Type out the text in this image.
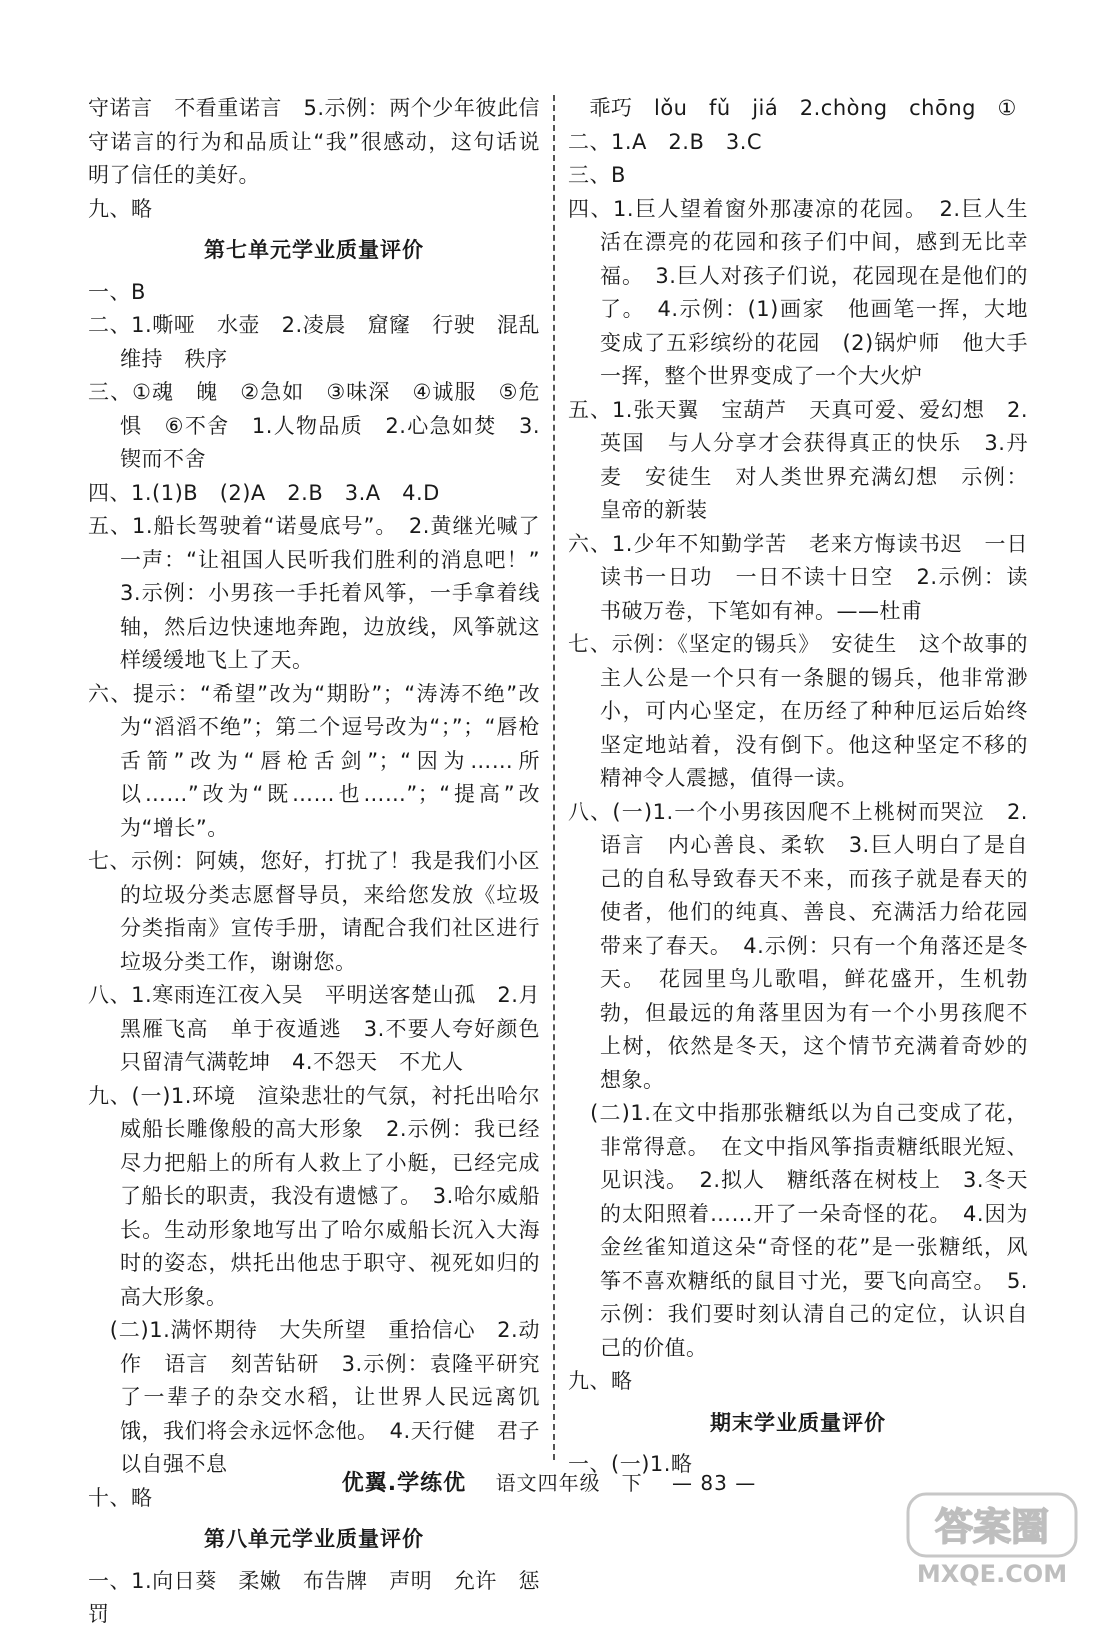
守诺言　不看重诺言　5.示例：两个少年彼此信守诺言的行为和品质让“我”很感动，这句话说明了信任的美好。
九、略
第七单元学业质量评价
一、B
二、1.嘶哑　水壶　2.凌晨　窟窿　行驶　混乱　维持　秩序
三、①魂　魄　②急如　③味深　④诚服　⑤危　惧　⑥不舍　1.人物品质　2.心急如焚　3.锲而不舍
四、1.(1)B　(2)A　2.B　3.A　4.D
五、1.船长驾驶着“诺曼底号”。　2.黄继光喊了一声：“让祖国人民听我们胜利的消息吧！”　3.示例：小男孩一手托着风筝，一手拿着线轴，然后边快速地奔跑，边放线，风筝就这样缓缓地飞上了天。
六、提示：“希望”改为“期盼”；“涛涛不绝”改为“滔滔不绝”；第二个逗号改为“；”；“唇枪舌箭”改为“唇枪舌剑”；“因为……所以……”改为“既……也……”；“提高”改为“增长”。
七、示例：阿姨，您好，打扰了！我是我们小区的垃圾分类志愿督导员，来给您发放《垃圾分类指南》宣传手册，请配合我们社区进行垃圾分类工作，谢谢您。
八、1.寒雨连江夜入吴　平明送客楚山孤　2.月黑雁飞高　单于夜遁逃　3.不要人夸好颜色　只留清气满乾坤　4.不怨天　不尤人
九、(一)1.环境　渲染悲壮的气氛，衬托出哈尔威船长雕像般的高大形象　2.示例：我已经尽力把船上的所有人救上了小艇，已经完成了船长的职责，我没有遗憾了。　3.哈尔威船长。生动形象地写出了哈尔威船长沉入大海时的姿态，烘托出他忠于职守、视死如归的高大形象。
　(二)1.满怀期待　大失所望　重拾信心　2.动作　语言　刻苦钻研　3.示例：袁隆平研究了一辈子的杂交水稻，让世界人民远离饥饿，我们将会永远怀念他。　4.天行健　君子以自强不息
十、略
第八单元学业质量评价
一、1.向日葵　柔嫩　布告牌　声明　允许　惩罚
　乖巧　lǒu　fǔ　jiá　2.chòng　chōng　①
二、1.A　2.B　3.C
三、B
四、1.巨人望着窗外那凄凉的花园。　2.巨人生活在漂亮的花园和孩子们中间，感到无比幸福。　3.巨人对孩子们说，花园现在是他们的了。　4.示例：(1)画家　他画笔一挥，大地变成了五彩缤纷的花园　(2)锅炉师　他大手一挥，整个世界变成了一个大火炉
五、1.张天翼　宝葫芦　天真可爱、爱幻想　2.英国　与人分享才会获得真正的快乐　3.丹麦　安徒生　对人类世界充满幻想　示例：皇帝的新装
六、1.少年不知勤学苦　老来方悔读书迟　一日读书一日功　一日不读十日空　2.示例：读书破万卷，下笔如有神。——杜甫
七、示例：《坚定的锡兵》　安徒生　这个故事的主人公是一个只有一条腿的锡兵，他非常渺小，可内心坚定，在历经了种种厄运后始终坚定地站着，没有倒下。他这种坚定不移的精神令人震撼，值得一读。
八、(一)1.一个小男孩因爬不上桃树而哭泣　2.语言　内心善良、柔软　3.巨人明白了是自己的自私导致春天不来，而孩子就是春天的使者，他们的纯真、善良、充满活力给花园带来了春天。　4.示例：只有一个角落还是冬天。　花园里鸟儿歌唱，鲜花盛开，生机勃勃，但最远的角落里因为有一个小男孩爬不上树，依然是冬天，这个情节充满着奇妙的想象。
　(二)1.在文中指那张糖纸以为自己变成了花，非常得意。　在文中指风筝指责糖纸眼光短、见识浅。　2.拟人　糖纸落在树枝上　3.冬天的太阳照着……开了一朵奇怪的花。　4.因为金丝雀知道这朵“奇怪的花”是一张糖纸，风筝不喜欢糖纸的鼠目寸光，要飞向高空。　5.示例：我们要时刻认清自己的定位，认识自己的价值。
九、略
期末学业质量评价
一、(一)1.略
优翼.学练优 语文四年级　下 — 83 —
答案圈
MXQE.COM
